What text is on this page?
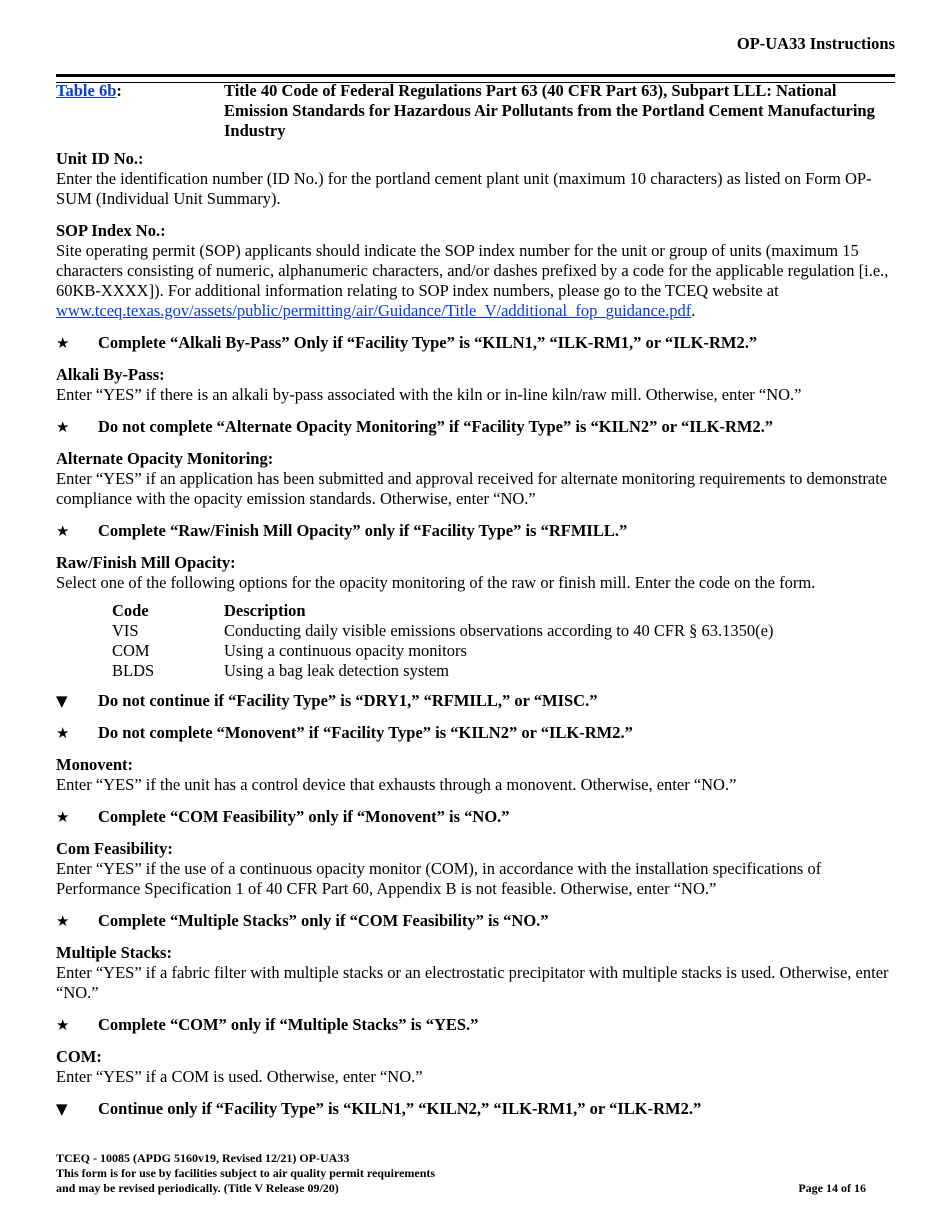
OP-UA33 Instructions
Table 6b:	Title 40 Code of Federal Regulations Part 63 (40 CFR Part 63), Subpart LLL: National Emission Standards for Hazardous Air Pollutants from the Portland Cement Manufacturing Industry

Unit ID No.:

Enter the identification number (ID No.) for the portland cement plant unit (maximum 10 characters) as listed on Form OP-SUM (Individual Unit Summary).

SOP Index No.:

Site operating permit (SOP) applicants should indicate the SOP index number for the unit or group of units (maximum 15 characters consisting of numeric, alphanumeric characters, and/or dashes prefixed by a code for the applicable regulation [i.e., 60KB-XXXX]). For additional information relating to SOP index numbers, please go to the TCEQ website at www.tceq.texas.gov/assets/public/permitting/air/Guidance/Title_V/additional_fop_guidance.pdf.

★ Complete “Alkali By-Pass” Only if “Facility Type” is “KILN1,” “ILK-RM1,” or “ILK-RM2.”

Alkali By-Pass:

Enter “YES” if there is an alkali by-pass associated with the kiln or in-line kiln/raw mill. Otherwise, enter “NO.”

★ Do not complete “Alternate Opacity Monitoring” if “Facility Type” is “KILN2” or “ILK-RM2.”

Alternate Opacity Monitoring:

Enter “YES” if an application has been submitted and approval received for alternate monitoring requirements to demonstrate compliance with the opacity emission standards. Otherwise, enter “NO.”

★ Complete “Raw/Finish Mill Opacity” only if “Facility Type” is “RFMILL.”

Raw/Finish Mill Opacity:

Select one of the following options for the opacity monitoring of the raw or finish mill. Enter the code on the form.

Code	Description
VIS	Conducting daily visible emissions observations according to 40 CFR § 63.1350(e)
COM	Using a continuous opacity monitors
BLDS	Using a bag leak detection system

▼ Do not continue if “Facility Type” is “DRY1,” “RFMILL,” or “MISC.”

★ Do not complete “Monovent” if “Facility Type” is “KILN2” or “ILK-RM2.”

Monovent:

Enter “YES” if the unit has a control device that exhausts through a monovent. Otherwise, enter “NO.”

★ Complete “COM Feasibility” only if “Monovent” is “NO.”

Com Feasibility:

Enter “YES” if the use of a continuous opacity monitor (COM), in accordance with the installation specifications of Performance Specification 1 of 40 CFR Part 60, Appendix B is not feasible. Otherwise, enter “NO.”

★ Complete “Multiple Stacks” only if “COM Feasibility” is “NO.”

Multiple Stacks:

Enter “YES” if a fabric filter with multiple stacks or an electrostatic precipitator with multiple stacks is used. Otherwise, enter “NO.”

★ Complete “COM” only if “Multiple Stacks” is “YES.”

COM:

Enter “YES” if a COM is used. Otherwise, enter “NO.”

▼ Continue only if “Facility Type” is “KILN1,” “KILN2,” “ILK-RM1,” or “ILK-RM2.”

TCEQ - 10085 (APDG 5160v19, Revised 12/21) OP-UA33
This form is for use by facilities subject to air quality permit requirements
and may be revised periodically. (Title V Release 09/20)	Page 14 of 16
